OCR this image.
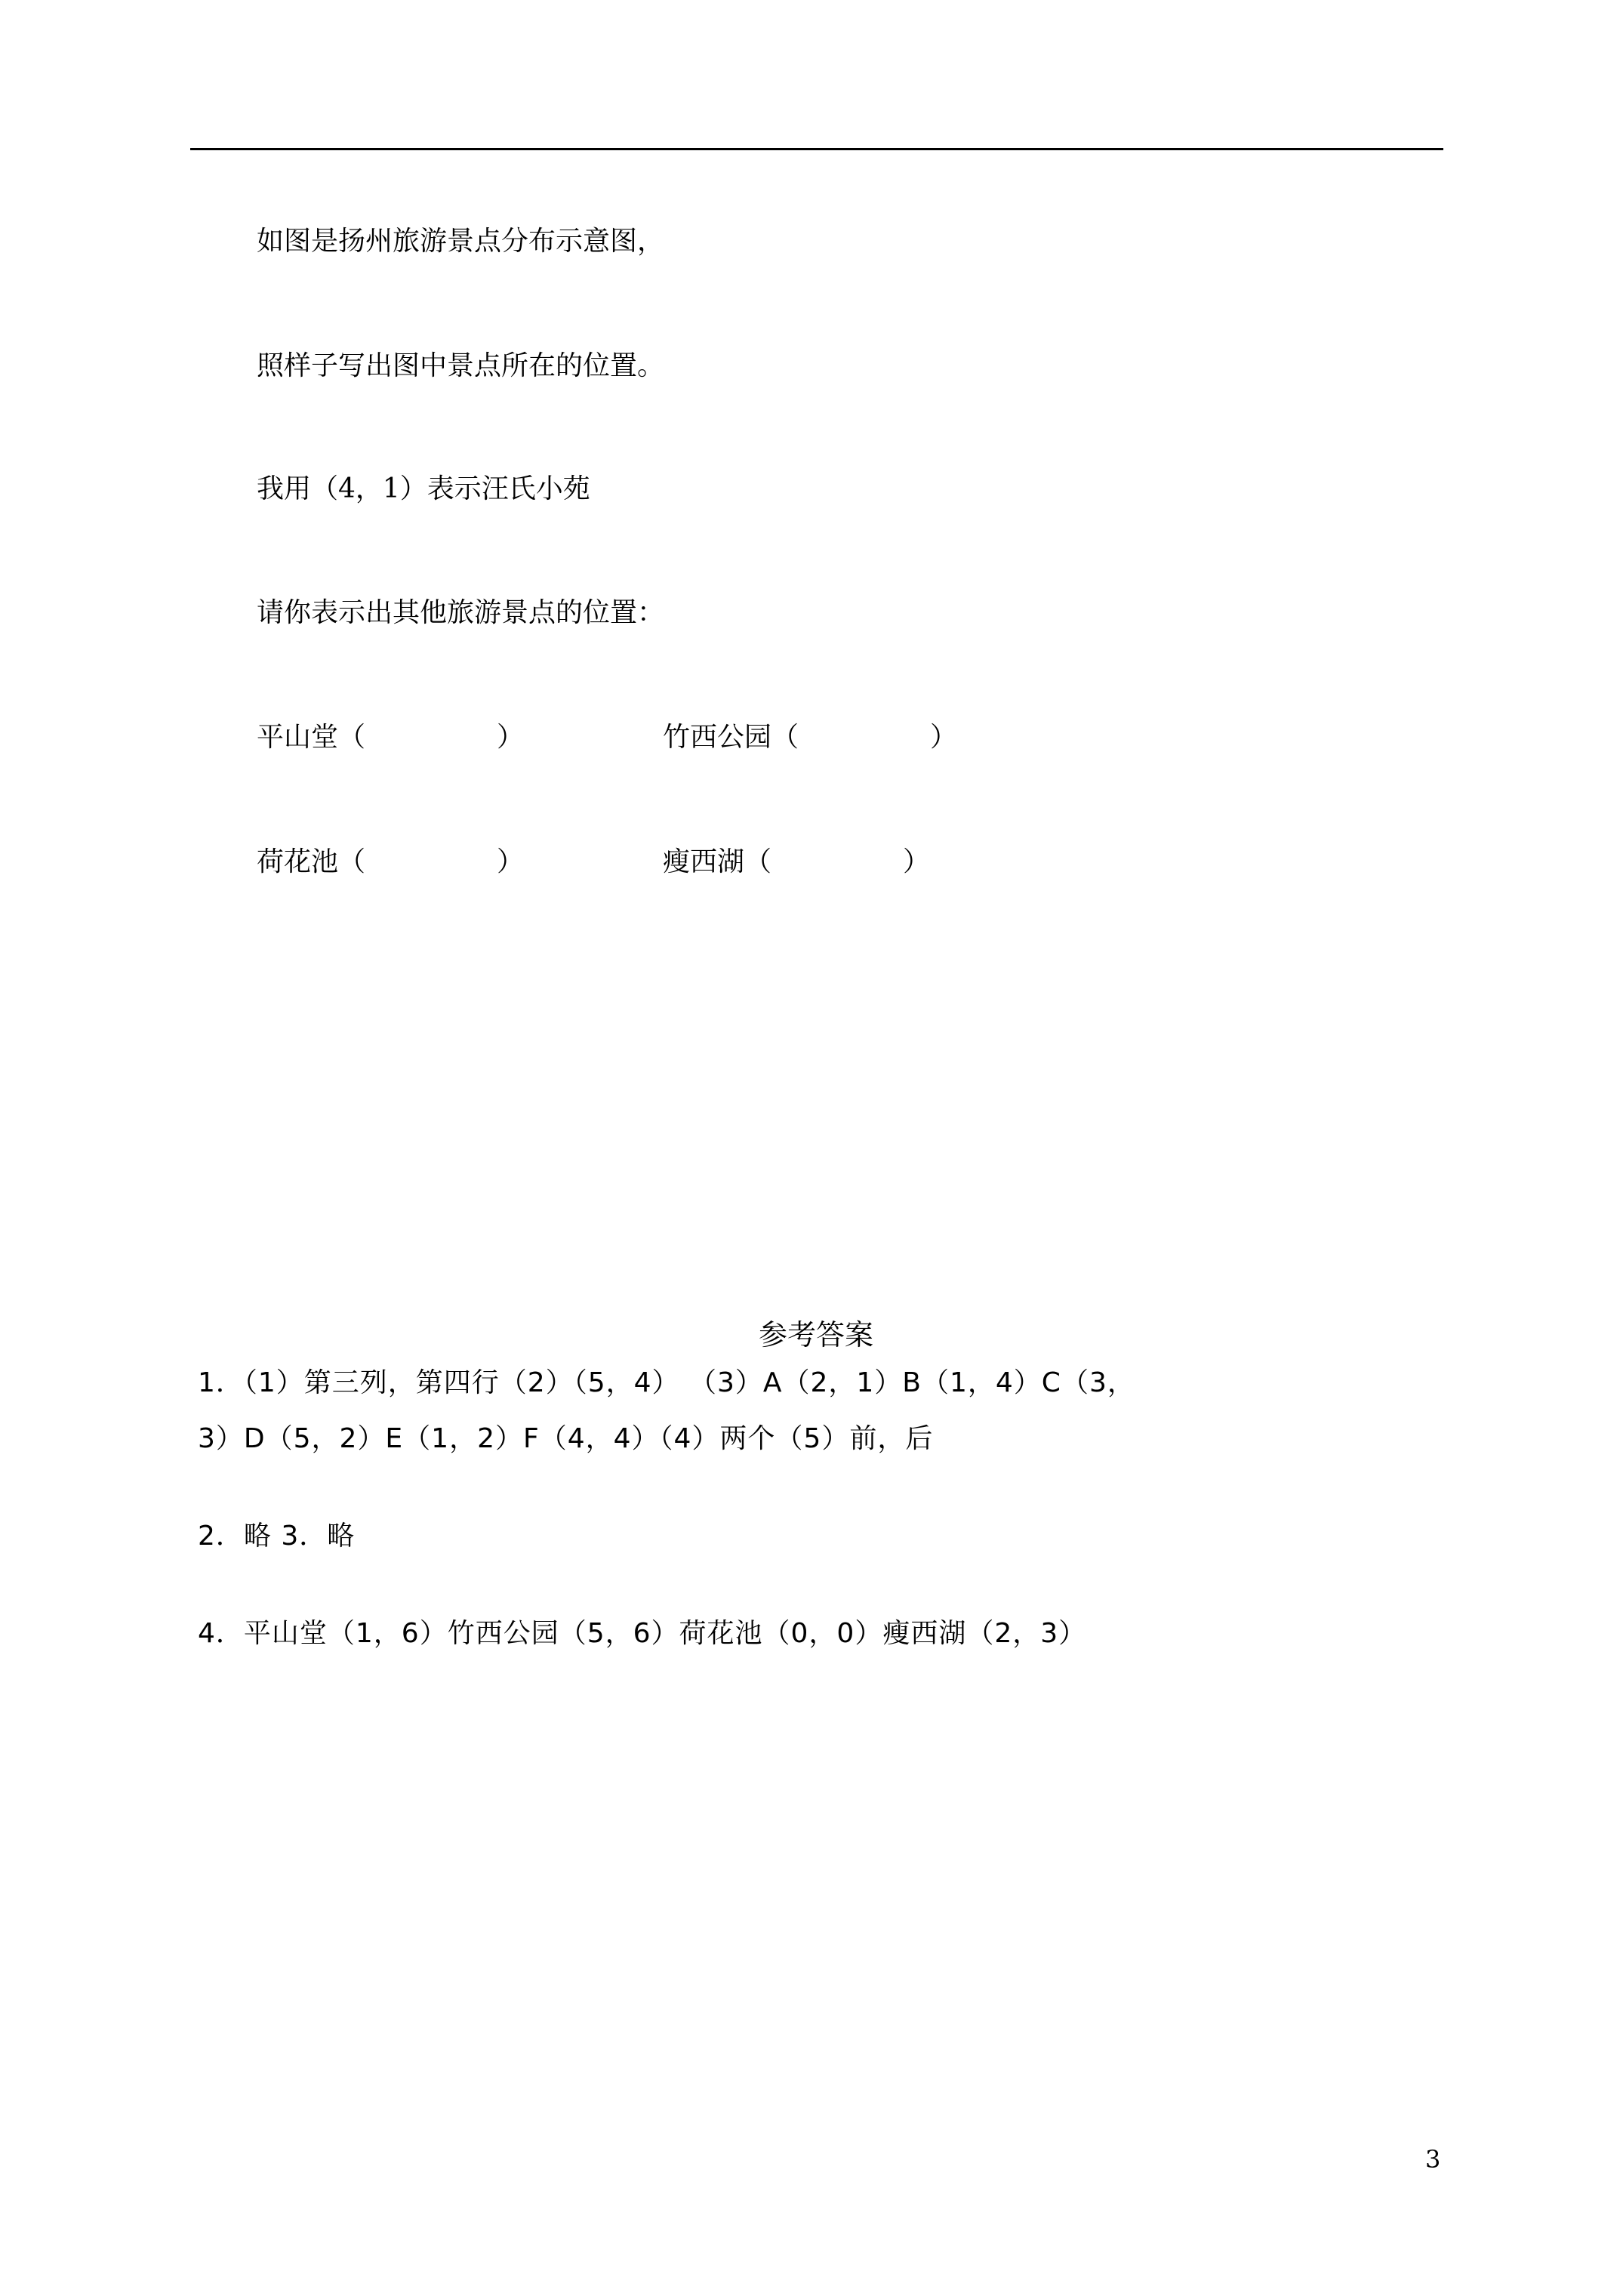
如图是扬州旅游景点分布示意图，
照样子写出图中景点所在的位置。
我用（4，1）表示汪氏小苑
请你表示出其他旅游景点的位置：
平山堂（	）	竹西公园（	）
荷花池（	）	瘦西湖（	）
参考答案
1．（1）第三列，第四行（2）（5，4） （3）A（2，1）B（1，4）C（3，
3）D（5，2）E（1，2）F（4，4）（4）两个（5）前，后
2．略 3．略
4．平山堂（1，6）竹西公园（5，6）荷花池（0，0）瘦西湖（2，3）
3
